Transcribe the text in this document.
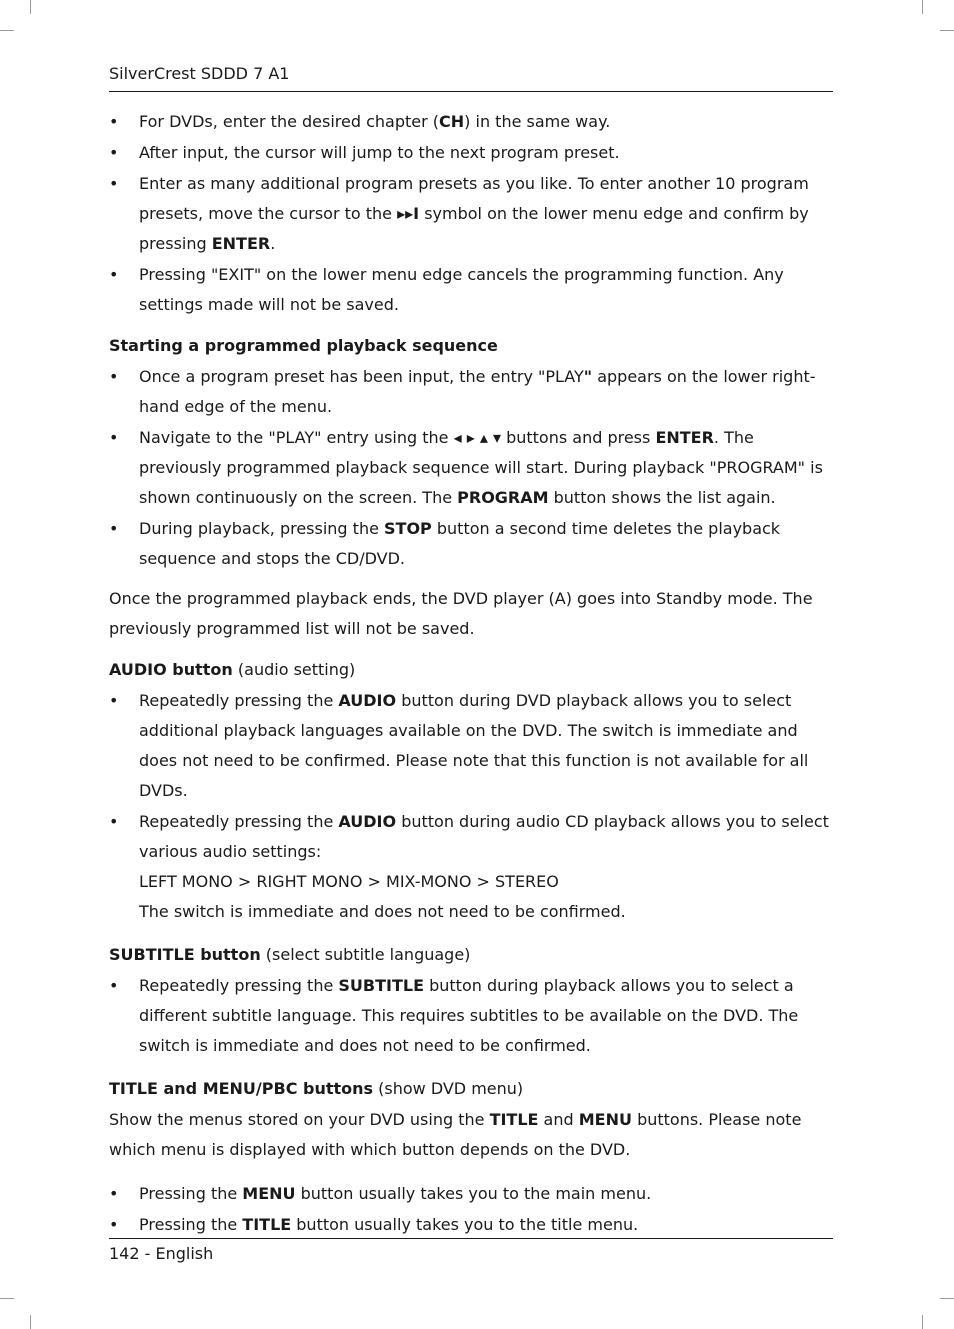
SilverCrest SDDD 7 A1
• For DVDs, enter the desired chapter (CH) in the same way.
• After input, the cursor will jump to the next program preset.
• Enter as many additional program presets as you like. To enter another 10 program presets, move the cursor to the ▸▸I symbol on the lower menu edge and confirm by pressing ENTER.
• Pressing "EXIT" on the lower menu edge cancels the programming function. Any settings made will not be saved.
Starting a programmed playback sequence
• Once a program preset has been input, the entry "PLAY" appears on the lower right-hand edge of the menu.
• Navigate to the "PLAY" entry using the ◂ ▸ ▴ ▾ buttons and press ENTER. The previously programmed playback sequence will start. During playback "PROGRAM" is shown continuously on the screen. The PROGRAM button shows the list again.
• During playback, pressing the STOP button a second time deletes the playback sequence and stops the CD/DVD.
Once the programmed playback ends, the DVD player (A) goes into Standby mode. The previously programmed list will not be saved.
AUDIO button (audio setting)
• Repeatedly pressing the AUDIO button during DVD playback allows you to select additional playback languages available on the DVD. The switch is immediate and does not need to be confirmed. Please note that this function is not available for all DVDs.
• Repeatedly pressing the AUDIO button during audio CD playback allows you to select various audio settings:
LEFT MONO > RIGHT MONO > MIX-MONO > STEREO
The switch is immediate and does not need to be confirmed.
SUBTITLE button (select subtitle language)
• Repeatedly pressing the SUBTITLE button during playback allows you to select a different subtitle language. This requires subtitles to be available on the DVD. The switch is immediate and does not need to be confirmed.
TITLE and MENU/PBC buttons (show DVD menu)
Show the menus stored on your DVD using the TITLE and MENU buttons. Please note which menu is displayed with which button depends on the DVD.
• Pressing the MENU button usually takes you to the main menu.
• Pressing the TITLE button usually takes you to the title menu.
142 - English
